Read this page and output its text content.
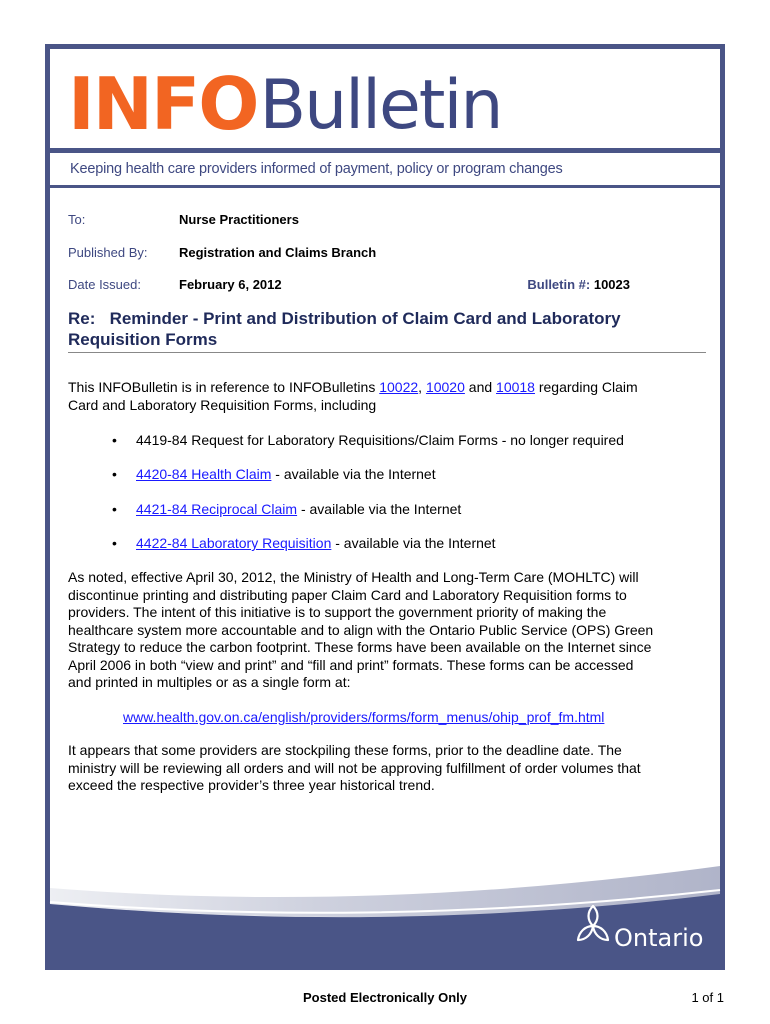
INFO Bulletin
Keeping health care providers informed of payment, policy or program changes
To:	Nurse Practitioners
Published By: Registration and Claims Branch
Date Issued:	February 6, 2012	Bulletin #: 10023
Re: Reminder - Print and Distribution of Claim Card and Laboratory
Requisition Forms
This INFOBulletin is in reference to INFOBulletins 10022, 10020 and 10018 regarding Claim
Card and Laboratory Requisition Forms, including
• 4419-84 Request for Laboratory Requisitions/Claim Forms - no longer required
• 4420-84 Health Claim - available via the Internet
• 4421-84 Reciprocal Claim - available via the Internet
• 4422-84 Laboratory Requisition - available via the Internet
As noted, effective April 30, 2012, the Ministry of Health and Long-Term Care (MOHLTC) will
discontinue printing and distributing paper Claim Card and Laboratory Requisition forms to
providers. The intent of this initiative is to support the government priority of making the
healthcare system more accountable and to align with the Ontario Public Service (OPS) Green
Strategy to reduce the carbon footprint. These forms have been available on the Internet since
April 2006 in both “view and print” and “fill and print” formats. These forms can be accessed
and printed in multiples or as a single form at:
www.health.gov.on.ca/english/providers/forms/form_menus/ohip_prof_fm.html
It appears that some providers are stockpiling these forms, prior to the deadline date. The
ministry will be reviewing all orders and will not be approving fulfillment of order volumes that
exceed the respective provider’s three year historical trend.
Ontario
Posted Electronically Only	1 of 1
